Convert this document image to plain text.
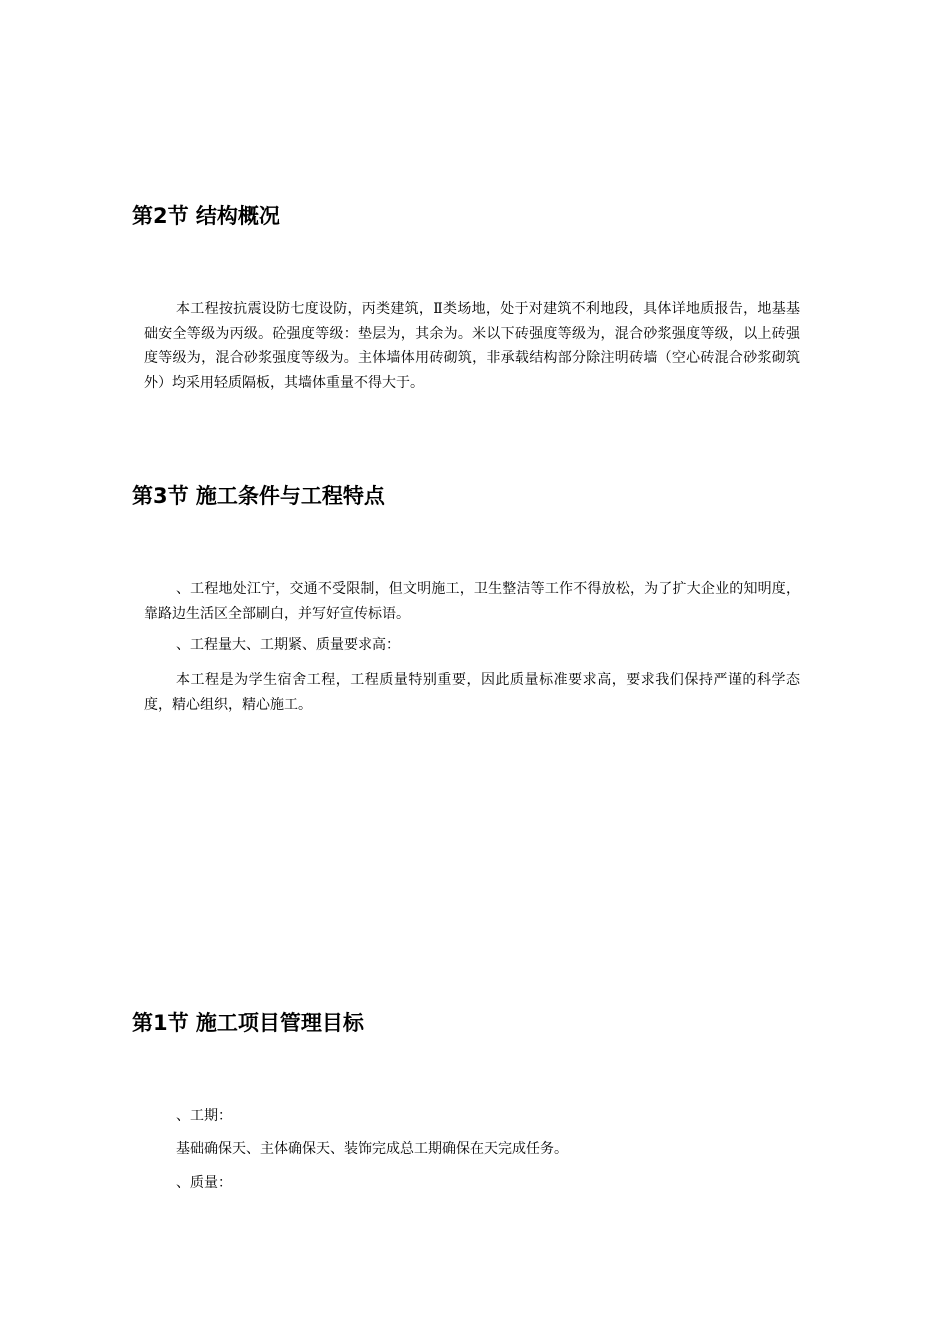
第2节 结构概况

本工程按抗震设防七度设防，丙类建筑，Ⅱ类场地，处于对建筑不利地段，具体详地质报告，地基基础安全等级为丙级。砼强度等级：垫层为，其余为。米以下砖强度等级为，混合砂浆强度等级，以上砖强度等级为，混合砂浆强度等级为。主体墙体用砖砌筑，非承载结构部分除注明砖墙（空心砖混合砂浆砌筑外）均采用轻质隔板，其墙体重量不得大于。

第3节 施工条件与工程特点

、工程地处江宁，交通不受限制，但文明施工，卫生整洁等工作不得放松，为了扩大企业的知明度，靠路边生活区全部刷白，并写好宣传标语。

、工程量大、工期紧、质量要求高：

本工程是为学生宿舍工程，工程质量特别重要，因此质量标准要求高，要求我们保持严谨的科学态度，精心组织，精心施工。

第1节 施工项目管理目标

、工期：

基础确保天、主体确保天、装饰完成总工期确保在天完成任务。

、质量：
